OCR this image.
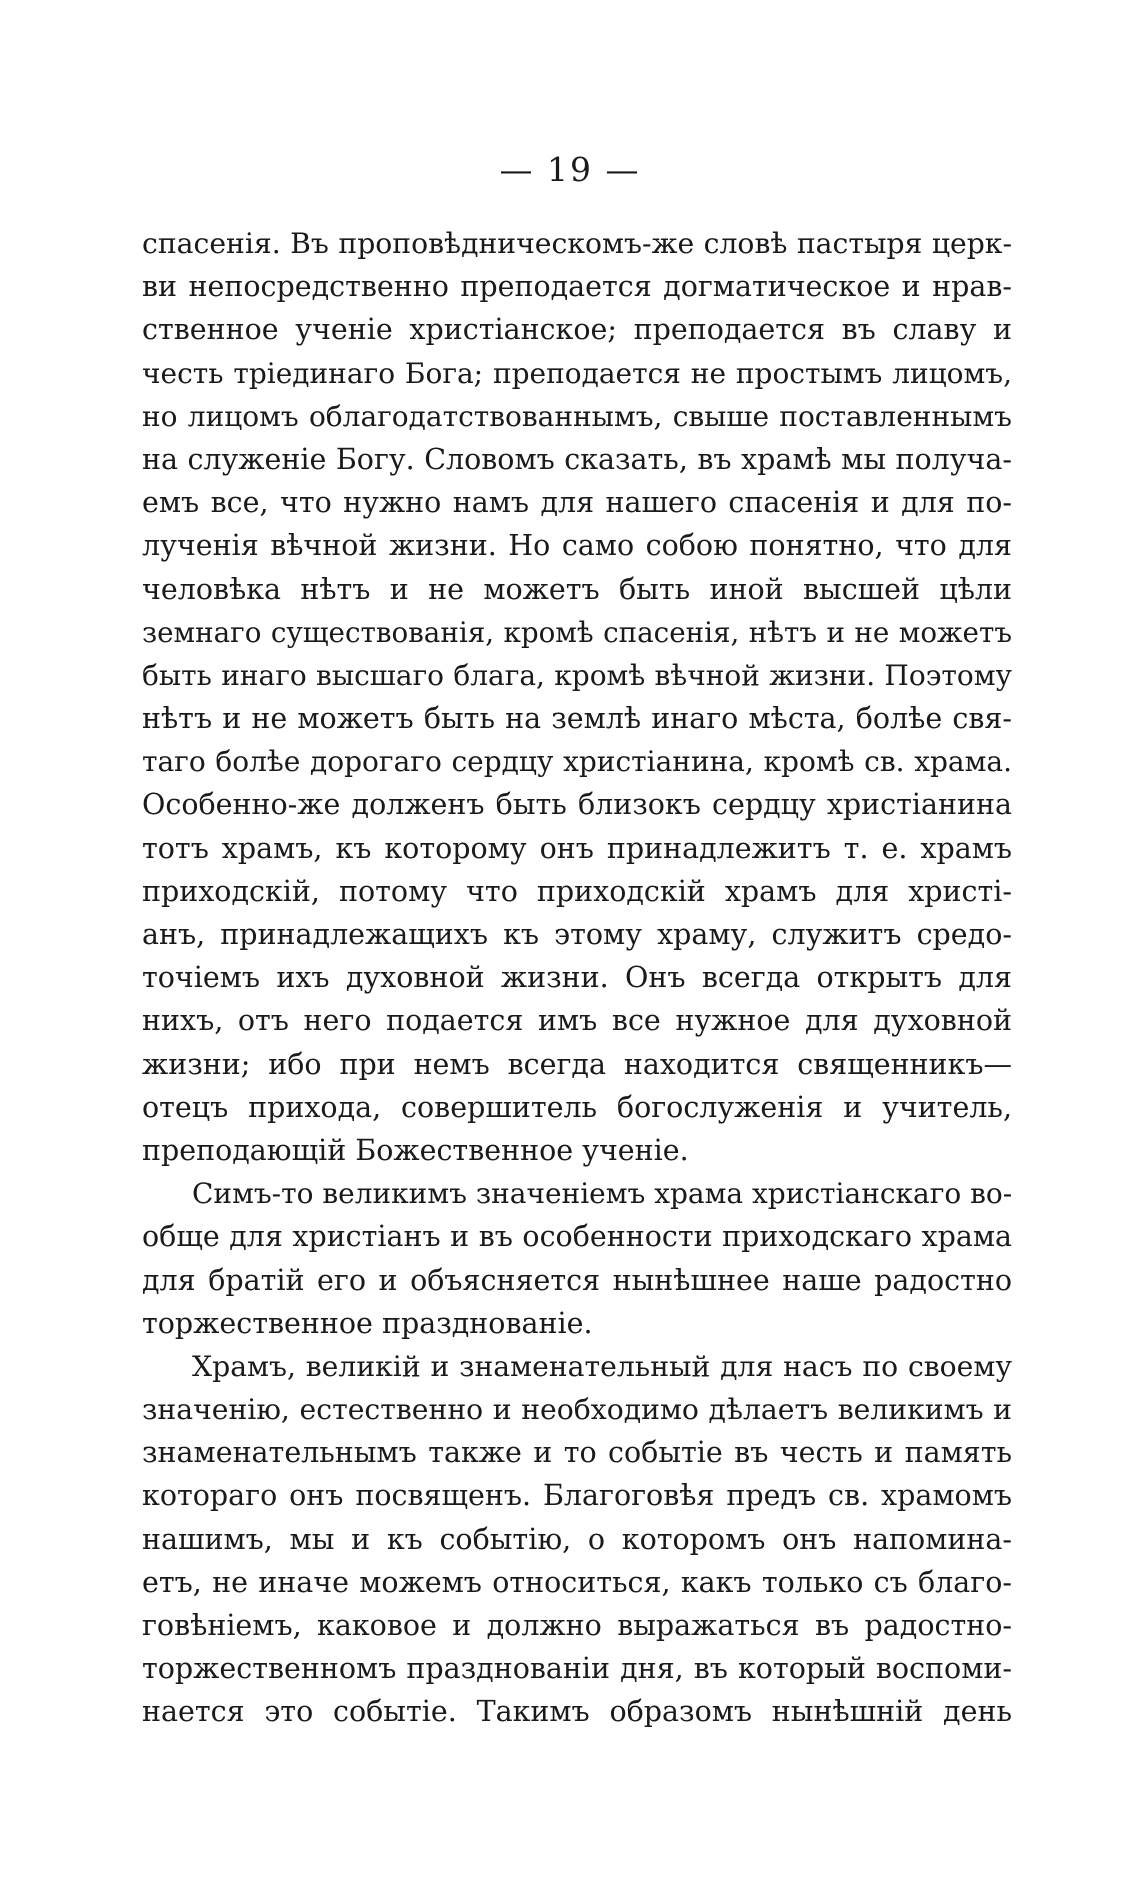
— 19 —
спасенія. Въ проповѣдническомъ-же словѣ пастыря церк-
ви непосредственно преподается догматическое и нрав-
ственное ученіе христіанское; преподается въ славу и
честь тріединаго Бога; преподается не простымъ лицомъ,
но лицомъ облагодатствованнымъ, свыше поставленнымъ
на служеніе Богу. Словомъ сказать, въ храмѣ мы получа-
емъ все, что нужно намъ для нашего спасенія и для по-
лученія вѣчной жизни. Но само собою понятно, что для
человѣка нѣтъ и не можетъ быть иной высшей цѣли
земнаго существованія, кромѣ спасенія, нѣтъ и не можетъ
быть инаго высшаго блага, кромѣ вѣчной жизни. Поэтому
нѣтъ и не можетъ быть на землѣ инаго мѣста, болѣе свя-
таго болѣе дорогаго сердцу христіанина, кромѣ св. храма.
Особенно-же долженъ быть близокъ сердцу христіанина
тотъ храмъ, къ которому онъ принадлежитъ т. е. храмъ
приходскій, потому что приходскій храмъ для христі-
анъ, принадлежащихъ къ этому храму, служитъ средо-
точіемъ ихъ духовной жизни. Онъ всегда открытъ для
нихъ, отъ него подается имъ все нужное для духовной
жизни; ибо при немъ всегда находится священникъ—
отецъ прихода, совершитель богослуженія и учитель,
преподающій Божественное ученіе.
Симъ-то великимъ значеніемъ храма христіанскаго во-
обще для христіанъ и въ особенности приходскаго храма
для братій его и объясняется нынѣшнее наше радостно
торжественное празднованіе.
Храмъ, великій и знаменательный для насъ по своему
значенію, естественно и необходимо дѣлаетъ великимъ и
знаменательнымъ также и то событіе въ честь и память
котораго онъ посвященъ. Благоговѣя предъ св. храмомъ
нашимъ, мы и къ событію, о которомъ онъ напомина-
етъ, не иначе можемъ относиться, какъ только съ благо-
говѣніемъ, каковое и должно выражаться въ радостно-
торжественномъ празднованіи дня, въ который воспоми-
нается это событіе. Такимъ образомъ нынѣшній день
